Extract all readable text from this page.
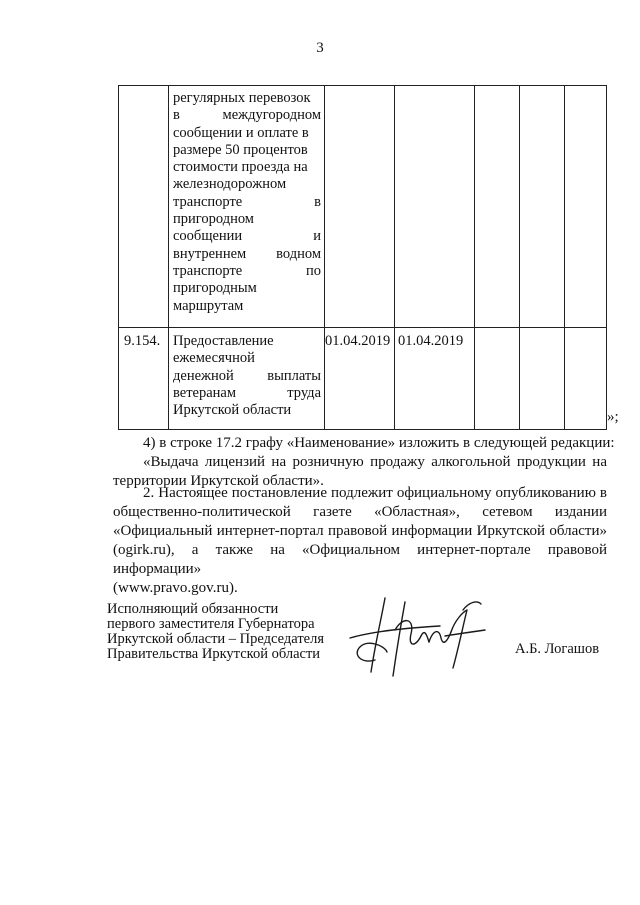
3
регулярных перевозок
в междугородном
сообщении и оплате в
размере 50 процентов
стоимости проезда на
железнодорожном
транспорте в
пригородном
сообщении и
внутреннем водном
транспорте по
пригородным
маршрутам
9.154. Предоставление
ежемесячной
денежной выплаты
ветеранам труда
Иркутской области
01.04.2019 01.04.2019
»;
4) в строке 17.2 графу «Наименование» изложить в следующей редакции:
«Выдача лицензий на розничную продажу алкогольной продукции на
территории Иркутской области».
2. Настоящее постановление подлежит официальному опубликованию в
общественно-политической газете «Областная», сетевом издании
«Официальный интернет-портал правовой информации Иркутской области»
(ogirk.ru), а также на «Официальном интернет-портале правовой информации»
(www.pravo.gov.ru).
Исполняющий обязанности
первого заместителя Губернатора
Иркутской области – Председателя
Правительства Иркутской области	А.Б. Логашов
